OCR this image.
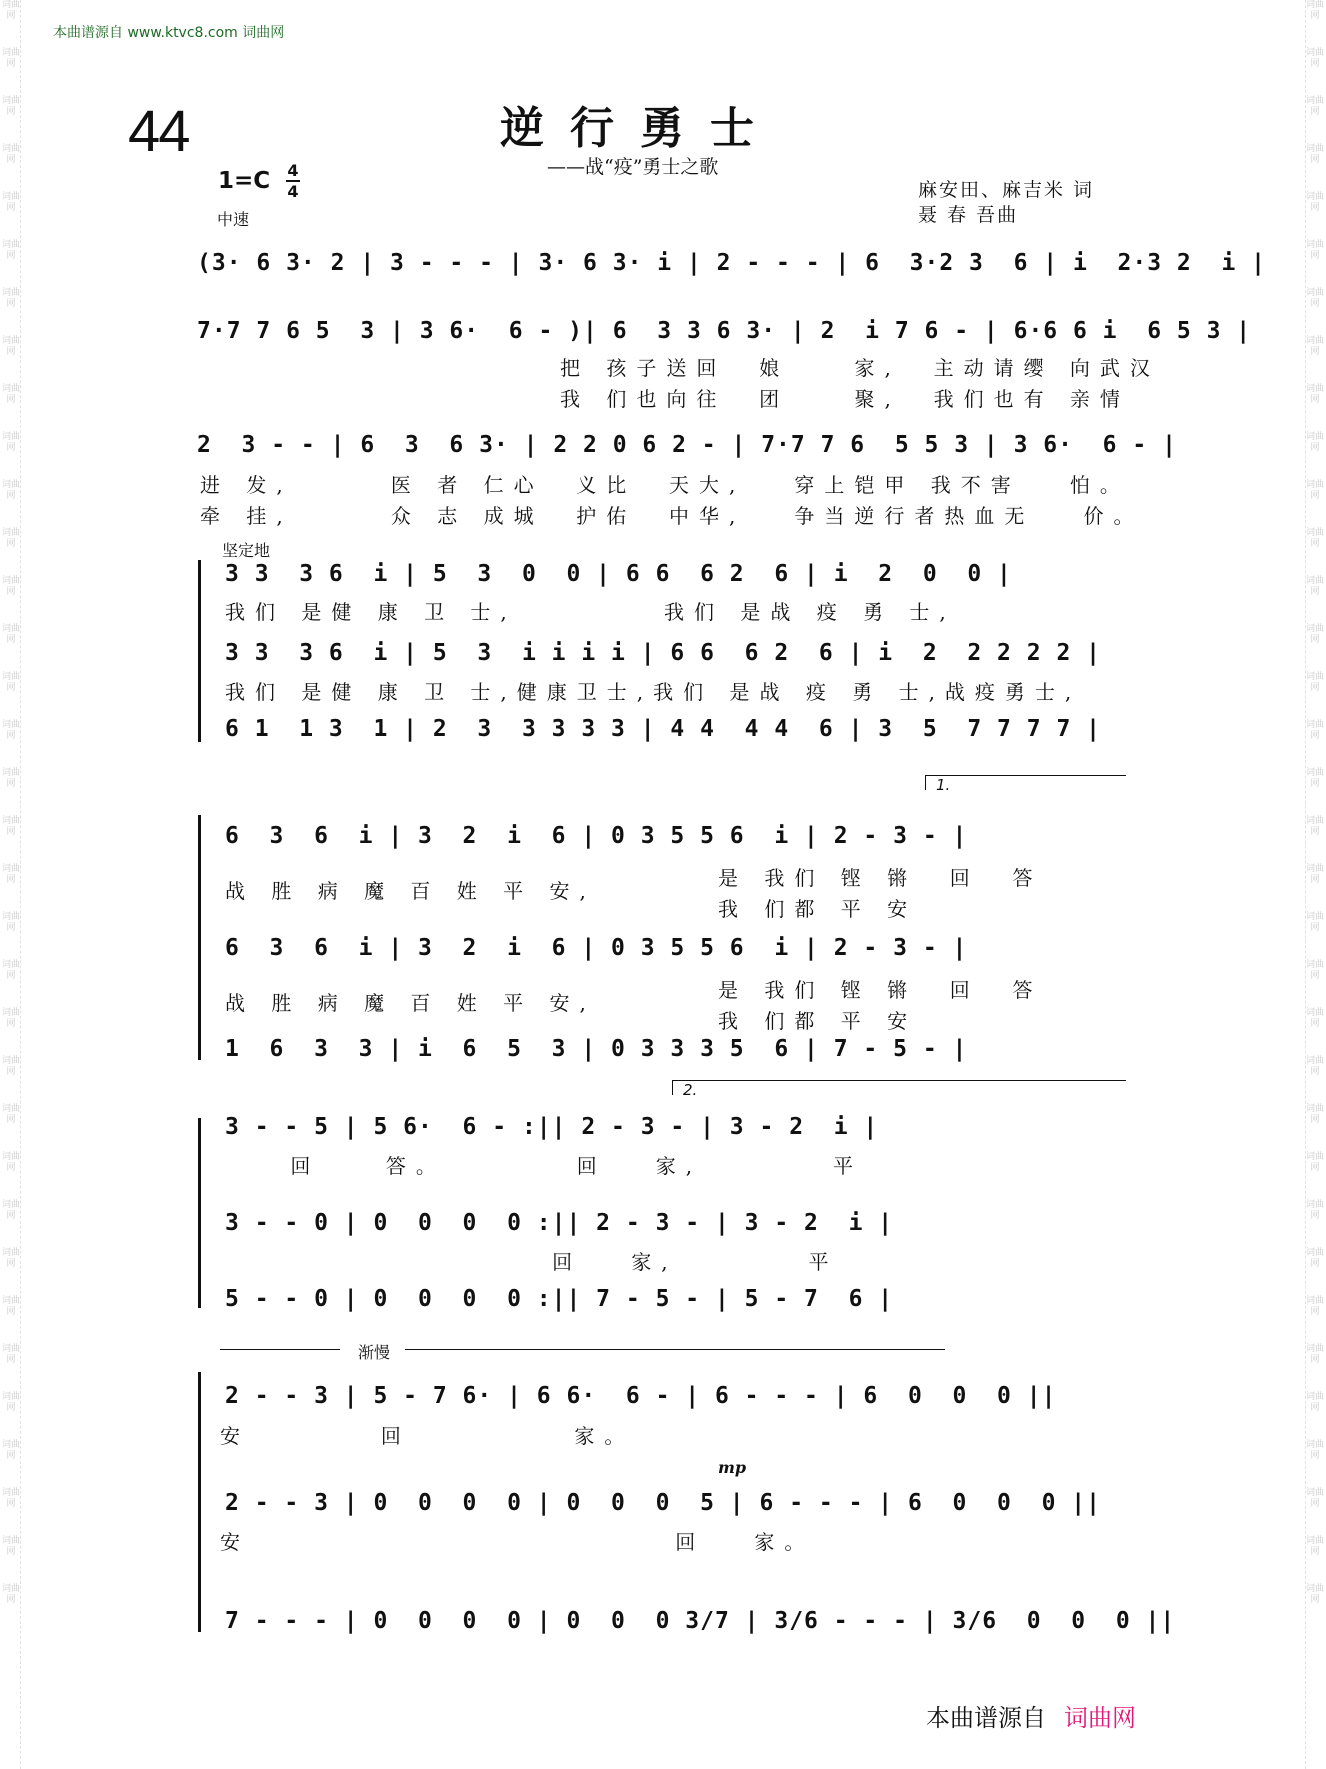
词曲网
词曲网
词曲网
词曲网
词曲网
词曲网
词曲网
词曲网
词曲网
词曲网
词曲网
词曲网
词曲网
词曲网
词曲网
词曲网
词曲网
词曲网
词曲网
词曲网
词曲网
词曲网
词曲网
词曲网
词曲网
词曲网
词曲网
词曲网
词曲网
词曲网
词曲网
词曲网
词曲网
词曲网
词曲网
词曲网
词曲网
词曲网
词曲网
词曲网
词曲网
词曲网
词曲网
词曲网
词曲网
词曲网
词曲网
词曲网
词曲网
词曲网
词曲网
词曲网
词曲网
词曲网
词曲网
词曲网
词曲网
词曲网
词曲网
词曲网
词曲网
词曲网
词曲网
词曲网
词曲网
词曲网
词曲网
词曲网
本曲谱源自 www.ktvc8.com 词曲网
44	逆行勇士
——战“疫”勇士之歌
1=C 4
4
中速
麻安田、麻吉米 词
聂 春 吾曲
(3· 6 3· 2 | 3 - - - | 3· 6 3· i | 2 - - - | 6  3·2 3  6 | i  2·3 2  i |
7·7 7 6 5  3 | 3 6·  6 - )| 6  3 3 6 3· | 2  i 7 6 - | 6·6 6 i  6 5 3 |
把 孩子送回  娘    家,  主动请缨 向武汉
我 们也向往  团    聚,  我们也有 亲情
2  3 - - | 6  3  6 3· | 2 2 0 6 2 - | 7·7 7 6  5 5 3 | 3 6·  6 - |
进 发,      医 者 仁心  义比  天大,   穿上铠甲 我不害   怕。
牵 挂,      众 志 成城  护佑  中华,   争当逆行者热血无   价。
坚定地
3 3  3 6  i | 5  3  0  0 | 6 6  6 2  6 | i  2  0  0 |
我们 是健 康 卫 士,         我们 是战 疫 勇 士,
3 3  3 6  i | 5  3  i i i i | 6 6  6 2  6 | i  2  2 2 2 2 |
我们 是健 康 卫 士,健康卫士,我们 是战 疫 勇 士,战疫勇士,
6 1  1 3  1 | 2  3  3 3 3 3 | 4 4  4 4  6 | 3  5  7 7 7 7 |
1.
6  3  6  i | 3  2  i  6 | 0 3 5 5 6  i | 2 - 3 - |
战 胜 病 魔 百 姓 平 安,
是 我们 铿 锵  回  答
我 们都 平 安
6  3  6  i | 3  2  i  6 | 0 3 5 5 6  i | 2 - 3 - |
战 胜 病 魔 百 姓 平 安,
是 我们 铿 锵  回  答
我 们都 平 安
1  6  3  3 | i  6  5  3 | 0 3 3 3 5  6 | 7 - 5 - |
2.
3 - - 5 | 5 6·  6 - :|| 2 - 3 - | 3 - 2  i |
回    答。        回   家,        平
3 - - 0 | 0  0  0  0 :|| 2 - 3 - | 3 - 2  i |
回   家,        平
5 - - 0 | 0  0  0  0 :|| 7 - 5 - | 5 - 7  6 |
渐慢
2 - - 3 | 5 - 7 6· | 6 6·  6 - | 6 - - - | 6  0  0  0 ||
安        回          家。
mp
2 - - 3 | 0  0  0  0 | 0  0  0  5 | 6 - - - | 6  0  0  0 ||
安                          回   家。
7 - - - | 0  0  0  0 | 0  0  0 3/7 | 3/6 - - - | 3/6  0  0  0 ||
本曲谱源自 词曲网
